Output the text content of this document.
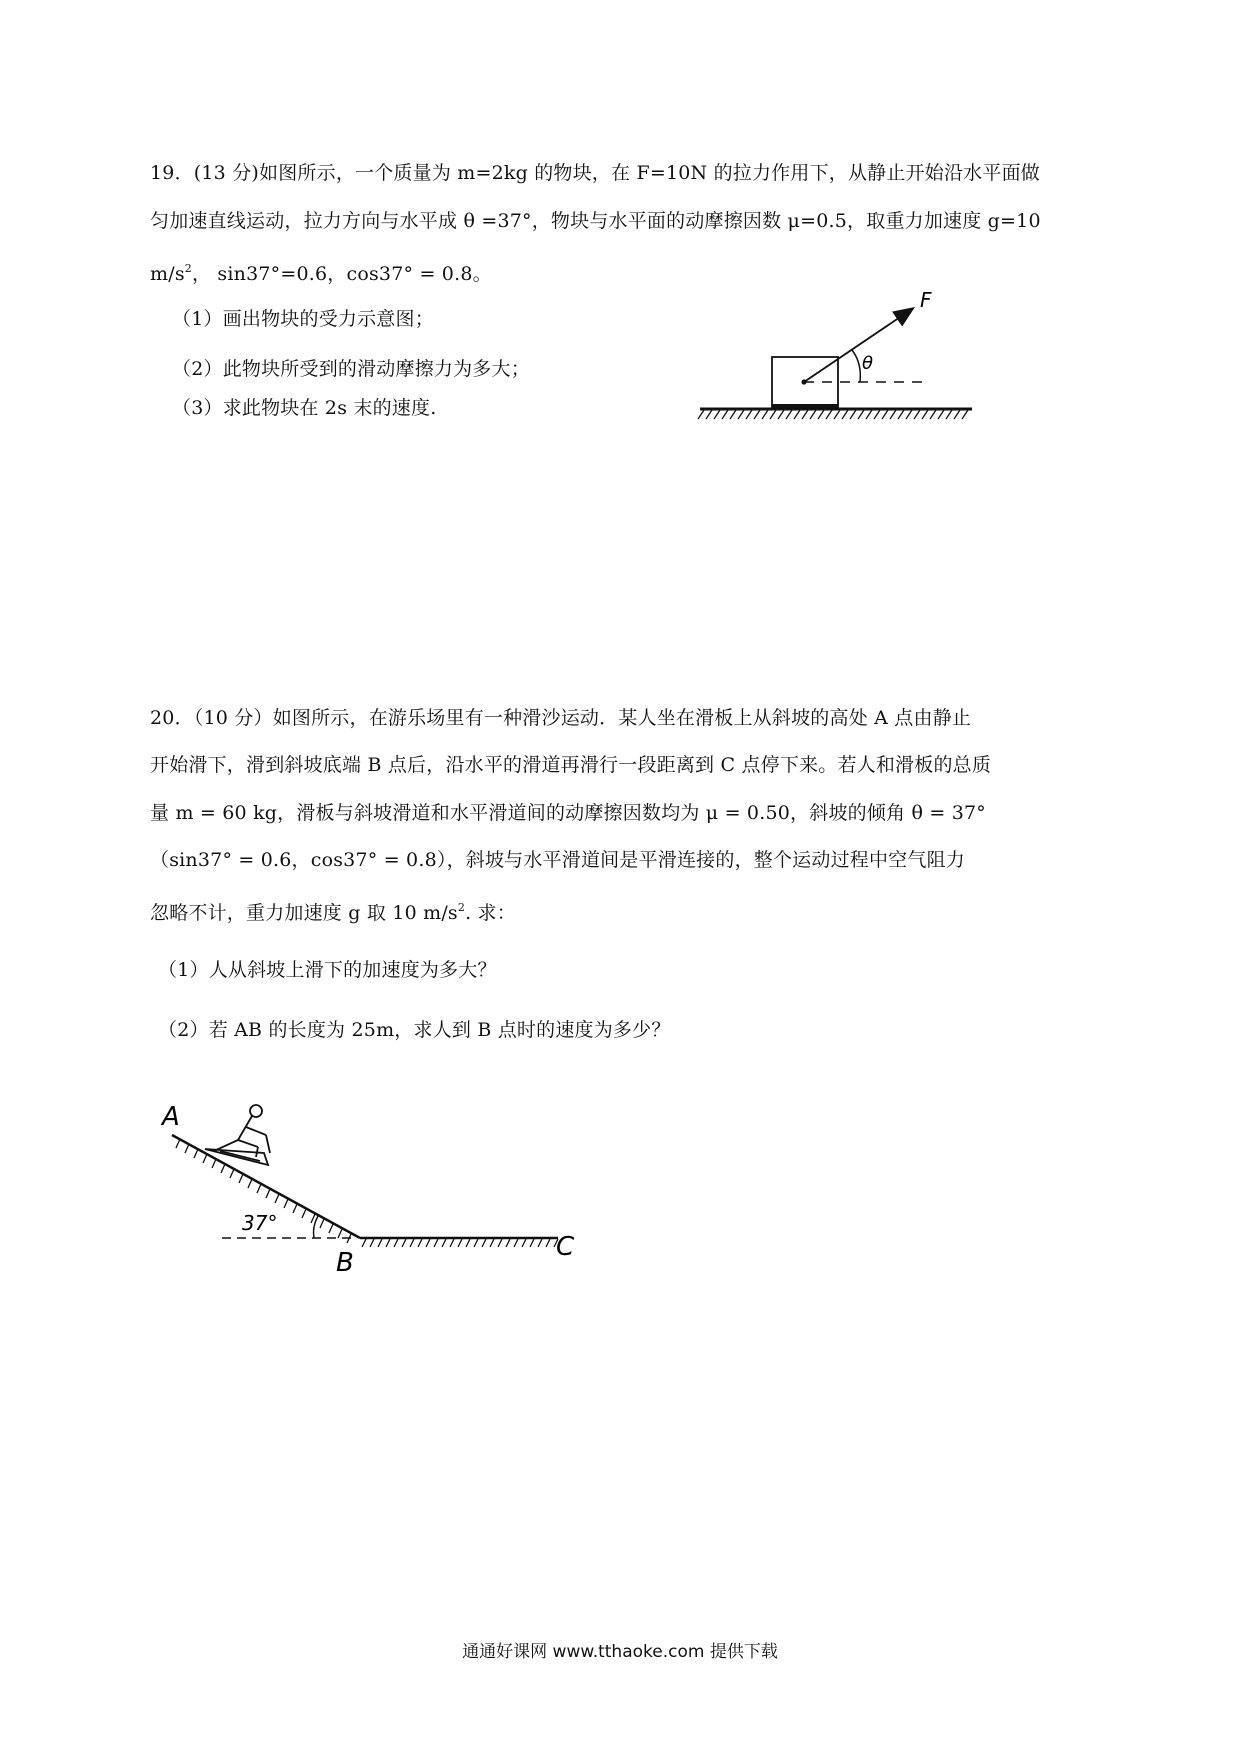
19．(13 分)如图所示，一个质量为 m=2kg 的物块，在 F=10N 的拉力作用下，从静止开始沿水平面做
匀加速直线运动，拉力方向与水平成 θ =37°，物块与水平面的动摩擦因数 μ=0.5，取重力加速度 g=10
$m/s^2$， sin37°=0.6，cos37° = 0.8。
（1）画出物块的受力示意图；
（2）此物块所受到的滑动摩擦力为多大；
（3）求此物块在 2s 末的速度.
θ
F
20．（10 分）如图所示，在游乐场里有一种滑沙运动．某人坐在滑板上从斜坡的高处 A 点由静止
开始滑下，滑到斜坡底端 B 点后，沿水平的滑道再滑行一段距离到 C 点停下来。若人和滑板的总质
量 m = 60 kg，滑板与斜坡滑道和水平滑道间的动摩擦因数均为 μ = 0.50，斜坡的倾角 θ = 37°
（sin37° = 0.6，cos37° = 0.8），斜坡与水平滑道间是平滑连接的，整个运动过程中空气阻力
忽略不计，重力加速度 g 取 10 $m/s^2$. 求：
（1）人从斜坡上滑下的加速度为多大？
（2）若 AB 的长度为 25m，求人到 B 点时的速度为多少？
37°
A
B
C
通通好课网 www.tthaoke.com 提供下载
